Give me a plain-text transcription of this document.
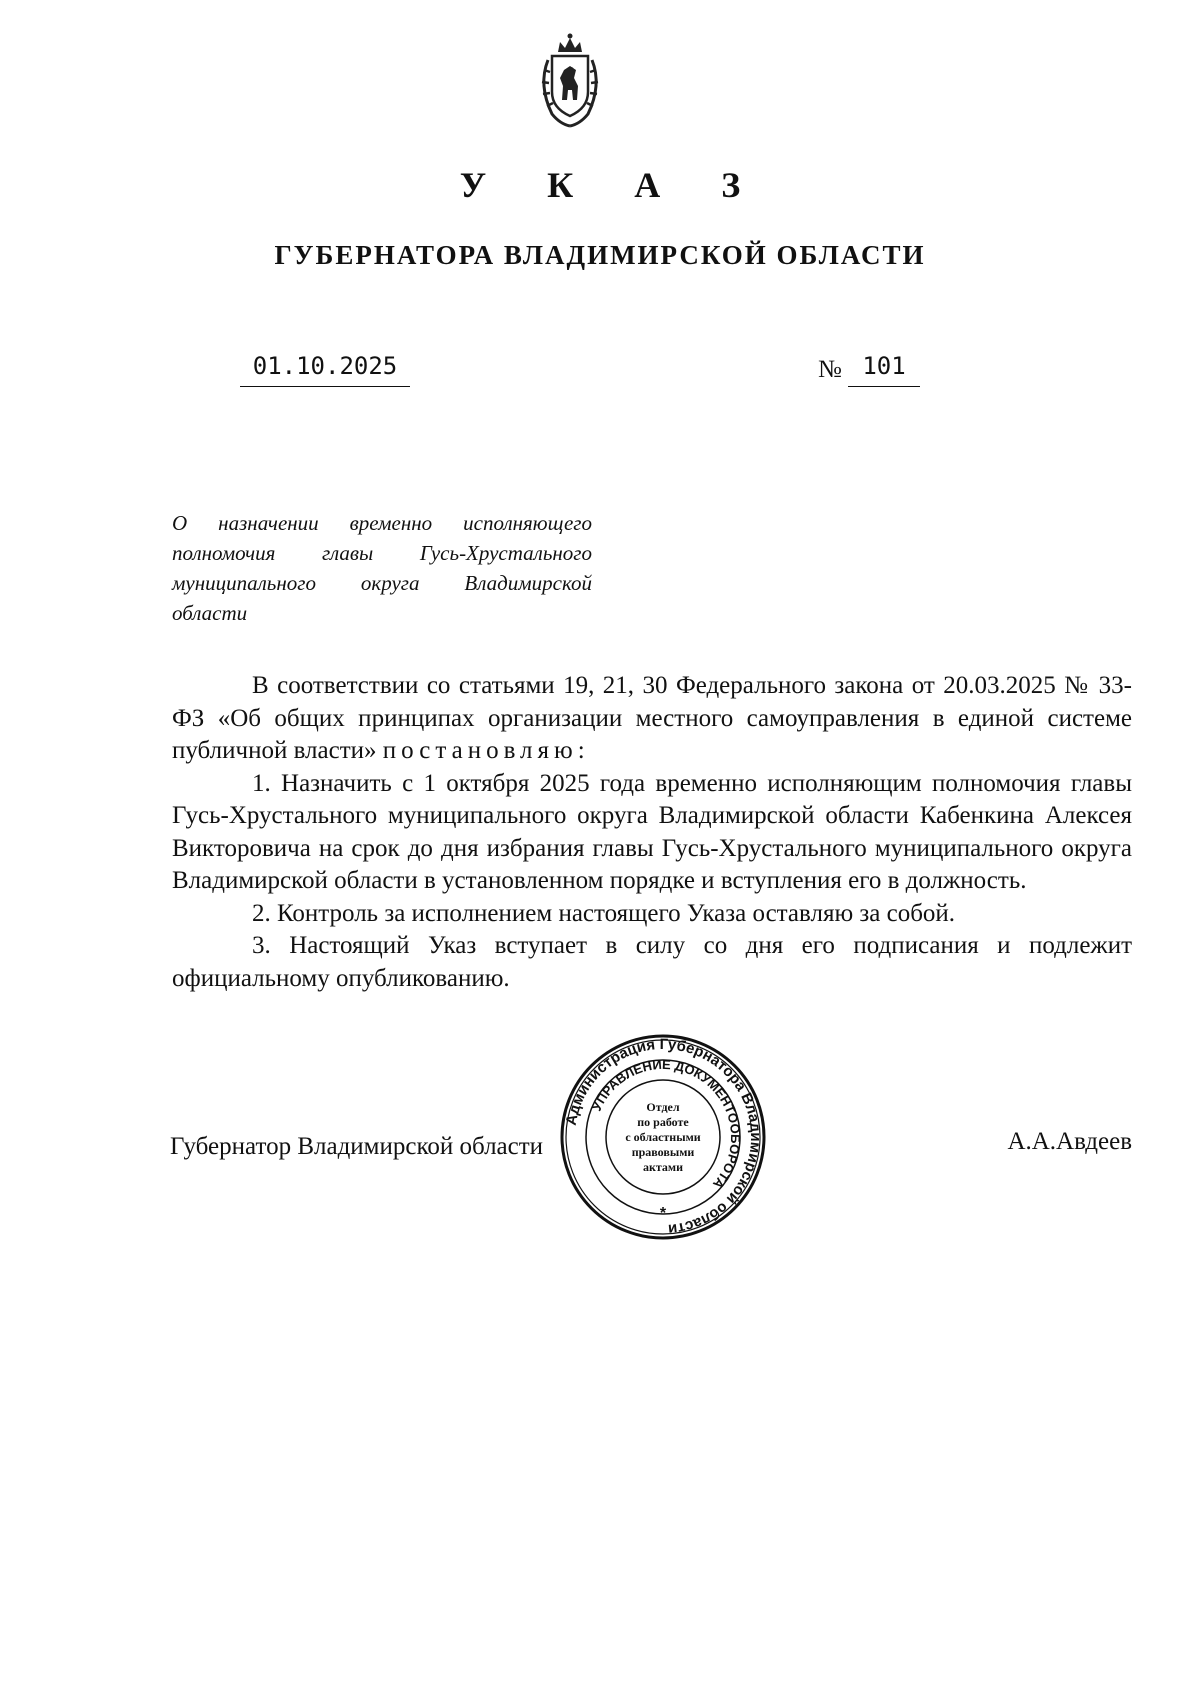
У К А З
ГУБЕРНАТОРА ВЛАДИМИРСКОЙ ОБЛАСТИ
01.10.2025	№ 101
О назначении временно исполняющего полномочия главы Гусь-Хрустального муниципального округа Владимирской области

В соответствии со статьями 19, 21, 30 Федерального закона от 20.03.2025 № 33-ФЗ «Об общих принципах организации местного самоуправления в единой системе публичной власти» постановляю:

1. Назначить с 1 октября 2025 года временно исполняющим полномочия главы Гусь-Хрустального муниципального округа Владимирской области Кабенкина Алексея Викторовича на срок до дня избрания главы Гусь-Хрустального муниципального округа Владимирской области в установленном порядке и вступления его в должность.

2. Контроль за исполнением настоящего Указа оставляю за собой.

3. Настоящий Указ вступает в силу со дня его подписания и подлежит официальному опубликованию.

Губернатор Владимирской области	А.А.Авдеев
Администрация Губернатора Владимирской области
УПРАВЛЕНИЕ ДОКУМЕНТООБОРОТА
*
Отдел
по работе
с областными
правовыми
актами
